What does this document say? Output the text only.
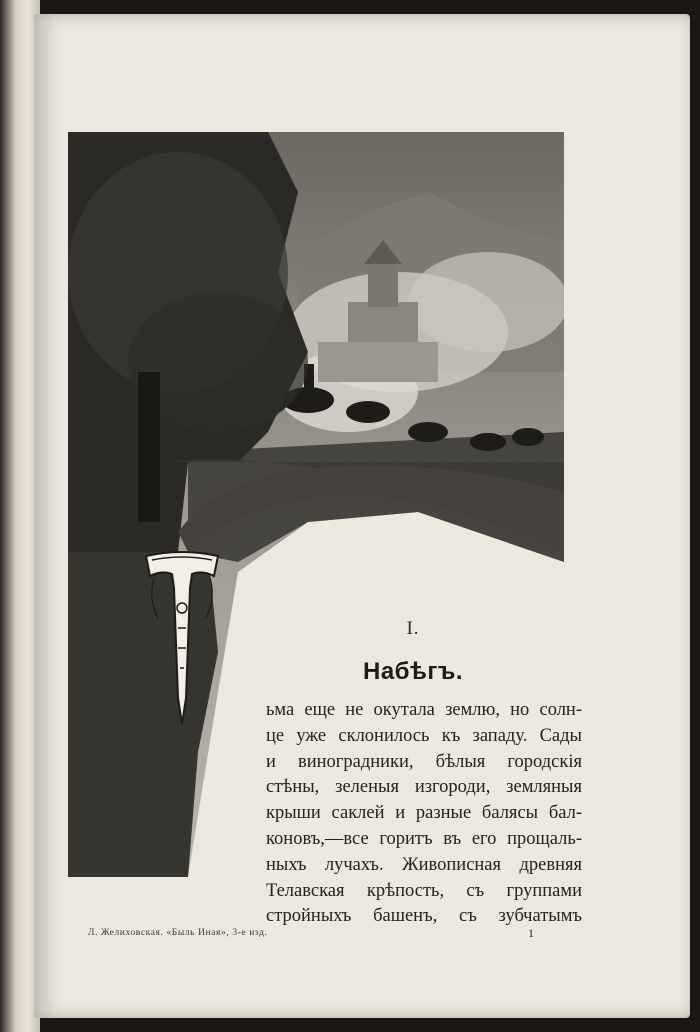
I.
Набѣгъ.
ьма еще не окутала землю, но солн-
це уже склонилось къ западу. Сады
и виноградники, бѣлыя городскія
стѣны, зеленыя изгороди, земляныя
крыши саклей и разные балясы бал-
коновъ,—все горитъ въ его прощаль-
ныхъ лучахъ. Живописная древняя
Телавская крѣпость, съ группами
стройныхъ башенъ, съ зубчатымъ
Л. Желиховская. «Быль Иная», 3-е изд.	1
